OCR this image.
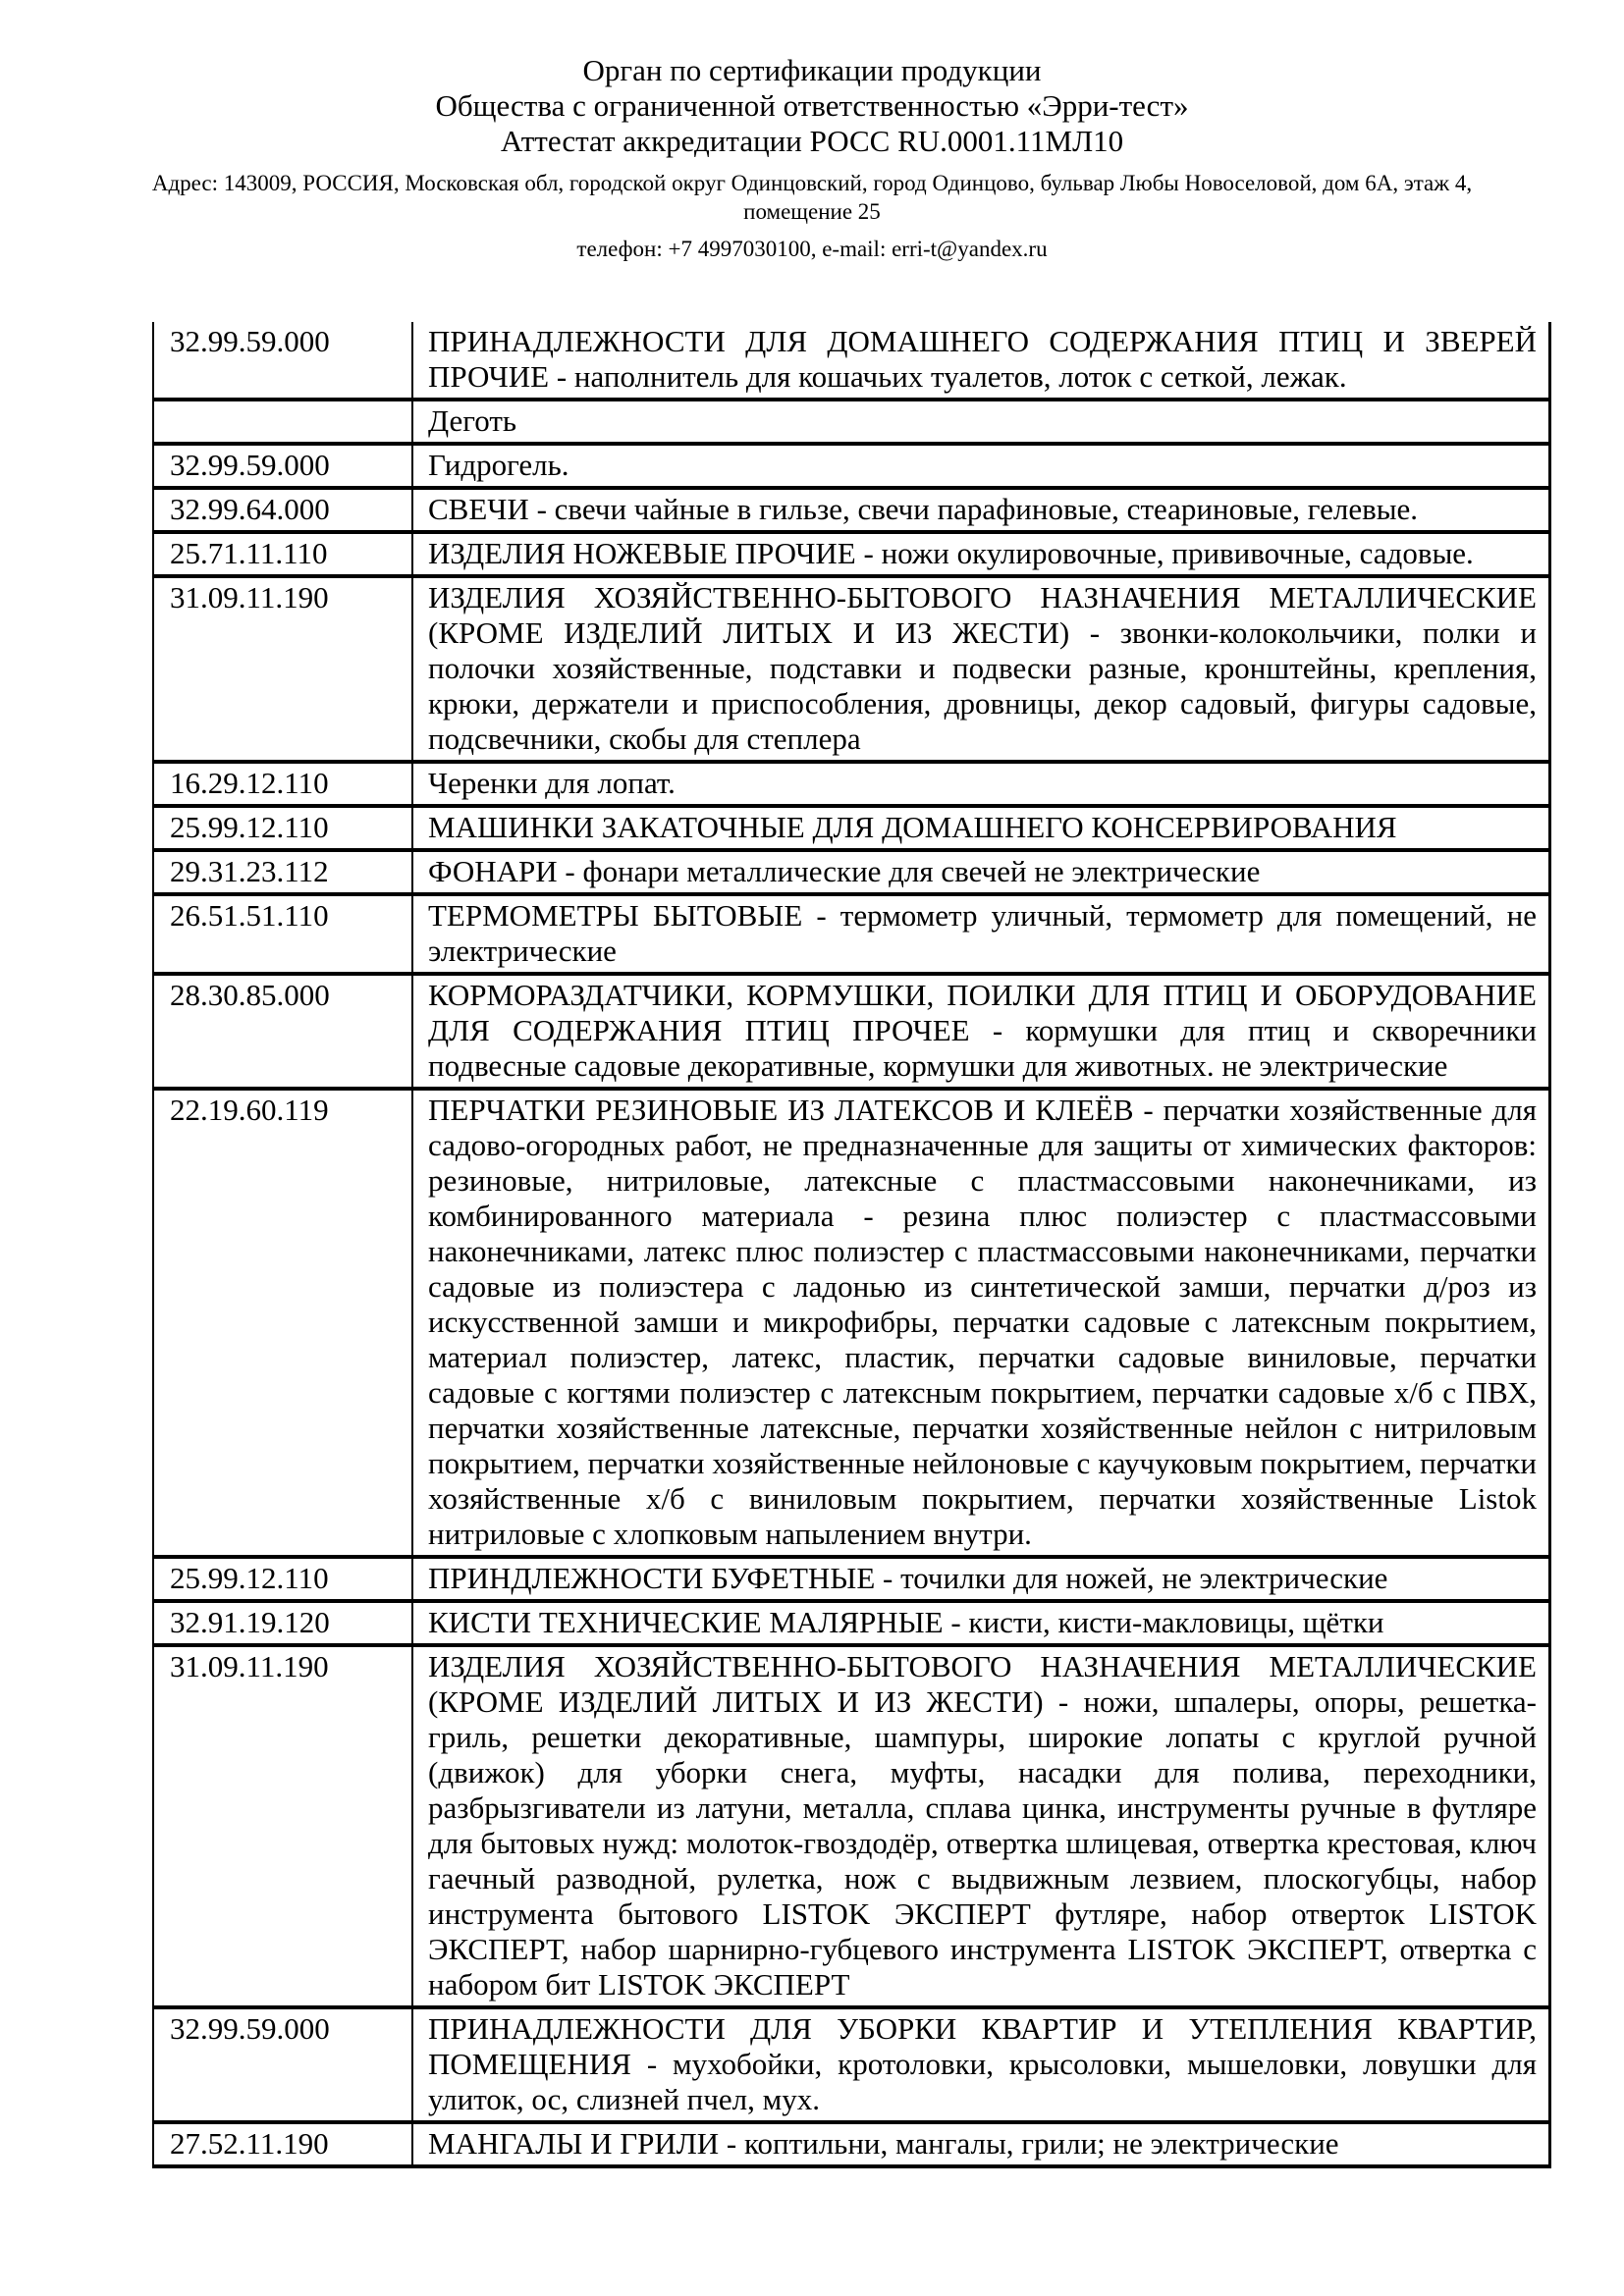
Орган по сертификации продукции
Общества с ограниченной ответственностью «Эрри-тест»
Аттестат аккредитации РОСС RU.0001.11МЛ10
Адрес: 143009, РОССИЯ, Московская обл, городской округ Одинцовский, город Одинцово, бульвар Любы Новоселовой, дом 6А, этаж 4,
помещение 25
телефон: +7 4997030100, e-mail: erri-t@yandex.ru
32.99.59.000	ПРИНАДЛЕЖНОСТИ ДЛЯ ДОМАШНЕГО СОДЕРЖАНИЯ ПТИЦ И ЗВЕРЕЙ ПРОЧИЕ - наполнитель для кошачьих туалетов, лоток с сеткой, лежак.
	Деготь
32.99.59.000	Гидрогель.
32.99.64.000	СВЕЧИ - свечи чайные в гильзе, свечи парафиновые, стеариновые, гелевые.
25.71.11.110	ИЗДЕЛИЯ НОЖЕВЫЕ ПРОЧИЕ - ножи окулировочные, прививочные, садовые.
31.09.11.190	ИЗДЕЛИЯ ХОЗЯЙСТВЕННО-БЫТОВОГО НАЗНАЧЕНИЯ МЕТАЛЛИЧЕСКИЕ (КРОМЕ ИЗДЕЛИЙ ЛИТЫХ И ИЗ ЖЕСТИ) - звонки-колокольчики, полки и полочки хозяйственные, подставки и подвески разные, кронштейны, крепления, крюки, держатели и приспособления, дровницы, декор садовый, фигуры садовые, подсвечники, скобы для степлера
16.29.12.110	Черенки для лопат.
25.99.12.110	МАШИНКИ ЗАКАТОЧНЫЕ ДЛЯ ДОМАШНЕГО КОНСЕРВИРОВАНИЯ
29.31.23.112	ФОНАРИ - фонари металлические для свечей не электрические
26.51.51.110	ТЕРМОМЕТРЫ БЫТОВЫЕ - термометр уличный, термометр для помещений, не электрические
28.30.85.000	КОРМОРАЗДАТЧИКИ, КОРМУШКИ, ПОИЛКИ ДЛЯ ПТИЦ И ОБОРУДОВАНИЕ ДЛЯ СОДЕРЖАНИЯ ПТИЦ ПРОЧЕЕ - кормушки для птиц и скворечники подвесные садовые декоративные, кормушки для животных. не электрические
22.19.60.119	ПЕРЧАТКИ РЕЗИНОВЫЕ ИЗ ЛАТЕКСОВ И КЛЕЁВ - перчатки хозяйственные для садово-огородных работ, не предназначенные для защиты от химических факторов: резиновые, нитриловые, латексные с пластмассовыми наконечниками, из комбинированного материала - резина плюс полиэстер с пластмассовыми наконечниками, латекс плюс полиэстер с пластмассовыми наконечниками, перчатки садовые из полиэстера с ладонью из синтетической замши, перчатки д/роз из искусственной замши и микрофибры, перчатки садовые с латексным покрытием, материал полиэстер, латекс, пластик, перчатки садовые виниловые, перчатки садовые с когтями полиэстер с латексным покрытием, перчатки садовые х/б с ПВХ, перчатки хозяйственные латексные, перчатки хозяйственные нейлон с нитриловым покрытием, перчатки хозяйственные нейлоновые с каучуковым покрытием, перчатки хозяйственные х/б с виниловым покрытием, перчатки хозяйственные Listok нитриловые с хлопковым напылением внутри.
25.99.12.110	ПРИНДЛЕЖНОСТИ БУФЕТНЫЕ - точилки для ножей, не электрические
32.91.19.120	КИСТИ ТЕХНИЧЕСКИЕ МАЛЯРНЫЕ - кисти, кисти-макловицы, щётки
31.09.11.190	ИЗДЕЛИЯ ХОЗЯЙСТВЕННО-БЫТОВОГО НАЗНАЧЕНИЯ МЕТАЛЛИЧЕСКИЕ (КРОМЕ ИЗДЕЛИЙ ЛИТЫХ И ИЗ ЖЕСТИ) - ножи, шпалеры, опоры, решетка-гриль, решетки декоративные, шампуры, широкие лопаты с круглой ручной (движок) для уборки снега, муфты, насадки для полива, переходники, разбрызгиватели из латуни, металла, сплава цинка, инструменты ручные в футляре для бытовых нужд: молоток-гвоздодёр, отвертка шлицевая, отвертка крестовая, ключ гаечный разводной, рулетка, нож с выдвижным лезвием, плоскогубцы, набор инструмента бытового LISTOK ЭКСПЕРТ футляре, набор отверток LISTOK ЭКСПЕРТ, набор шарнирно-губцевого инструмента LISTOK ЭКСПЕРТ, отвертка с набором бит LISTOK ЭКСПЕРТ
32.99.59.000	ПРИНАДЛЕЖНОСТИ ДЛЯ УБОРКИ КВАРТИР И УТЕПЛЕНИЯ КВАРТИР, ПОМЕЩЕНИЯ - мухобойки, кротоловки, крысоловки, мышеловки, ловушки для улиток, ос, слизней пчел, мух.
27.52.11.190	МАНГАЛЫ И ГРИЛИ - коптильни, мангалы, грили; не электрические
